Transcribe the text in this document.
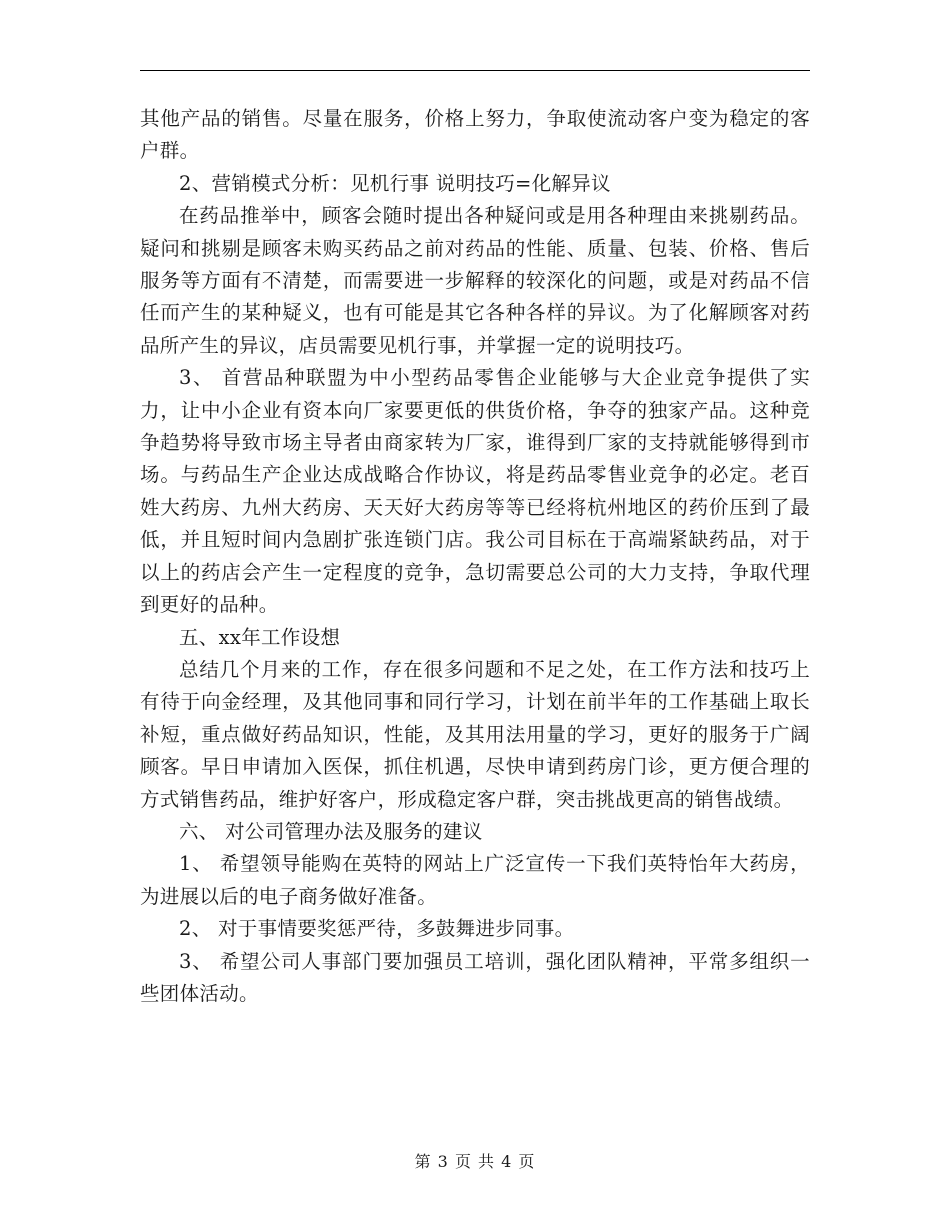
其他产品的销售。尽量在服务，价格上努力，争取使流动客户变为稳定的客户群。

2、营销模式分析：见机行事 说明技巧=化解异议

在药品推举中，顾客会随时提出各种疑问或是用各种理由来挑剔药品。疑问和挑剔是顾客未购买药品之前对药品的性能、质量、包装、价格、售后服务等方面有不清楚，而需要进一步解释的较深化的问题，或是对药品不信任而产生的某种疑义，也有可能是其它各种各样的异议。为了化解顾客对药品所产生的异议，店员需要见机行事，并掌握一定的说明技巧。

3、 首营品种联盟为中小型药品零售企业能够与大企业竞争提供了实力，让中小企业有资本向厂家要更低的供货价格，争夺的独家产品。这种竞争趋势将导致市场主导者由商家转为厂家，谁得到厂家的支持就能够得到市场。与药品生产企业达成战略合作协议，将是药品零售业竞争的必定。老百姓大药房、九州大药房、天天好大药房等等已经将杭州地区的药价压到了最低，并且短时间内急剧扩张连锁门店。我公司目标在于高端紧缺药品，对于以上的药店会产生一定程度的竞争，急切需要总公司的大力支持，争取代理到更好的品种。

五、xx年工作设想

总结几个月来的工作，存在很多问题和不足之处，在工作方法和技巧上有待于向金经理，及其他同事和同行学习，计划在前半年的工作基础上取长补短，重点做好药品知识，性能，及其用法用量的学习，更好的服务于广阔顾客。早日申请加入医保，抓住机遇，尽快申请到药房门诊，更方便合理的方式销售药品，维护好客户，形成稳定客户群，突击挑战更高的销售战绩。

六、 对公司管理办法及服务的建议

1、 希望领导能购在英特的网站上广泛宣传一下我们英特怡年大药房，为进展以后的电子商务做好准备。

2、 对于事情要奖惩严待，多鼓舞进步同事。

3、 希望公司人事部门要加强员工培训，强化团队精神，平常多组织一些团体活动。

第 3 页 共 4 页
